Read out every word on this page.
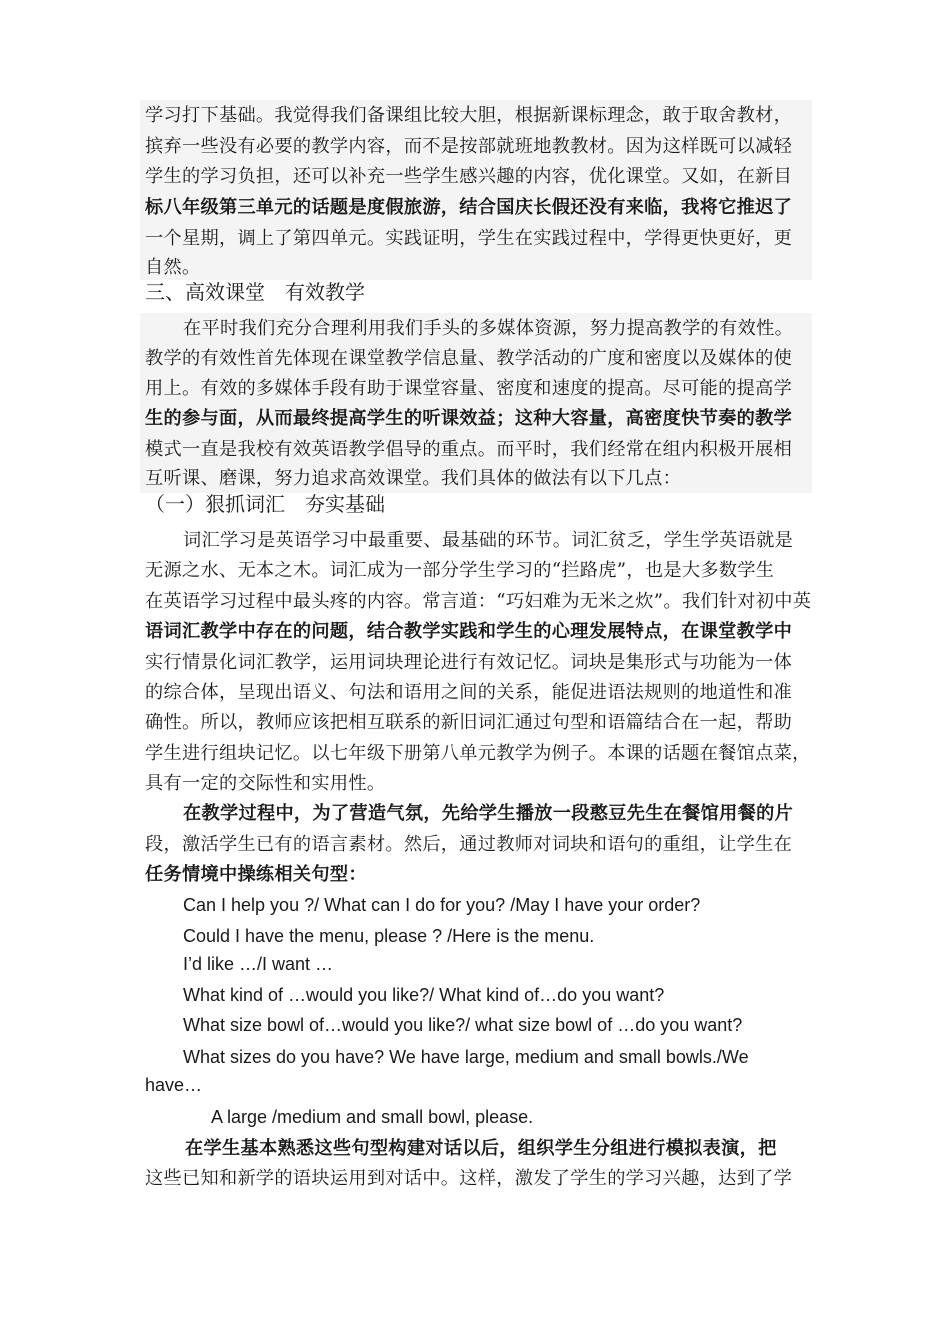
学习打下基础。我觉得我们备课组比较大胆，根据新课标理念，敢于取舍教材，

摈弃一些没有必要的教学内容，而不是按部就班地教教材。因为这样既可以减轻

学生的学习负担，还可以补充一些学生感兴趣的内容，优化课堂。又如，在新目

标八年级第三单元的话题是度假旅游，结合国庆长假还没有来临，我将它推迟了

一个星期，调上了第四单元。实践证明，学生在实践过程中，学得更快更好，更

自然。

三、高效课堂　有效教学

在平时我们充分合理利用我们手头的多媒体资源，努力提高教学的有效性。

教学的有效性首先体现在课堂教学信息量、教学活动的广度和密度以及媒体的使

用上。有效的多媒体手段有助于课堂容量、密度和速度的提高。尽可能的提高学

生的参与面，从而最终提高学生的听课效益；这种大容量，高密度快节奏的教学

模式一直是我校有效英语教学倡导的重点。而平时，我们经常在组内积极开展相

互听课、磨课，努力追求高效课堂。我们具体的做法有以下几点：

（一）狠抓词汇　夯实基础

词汇学习是英语学习中最重要、最基础的环节。词汇贫乏，学生学英语就是

无源之水、无本之木。词汇成为一部分学生学习的“拦路虎”，也是大多数学生

在英语学习过程中最头疼的内容。常言道：“巧妇难为无米之炊”。我们针对初中英

语词汇教学中存在的问题，结合教学实践和学生的心理发展特点，在课堂教学中

实行情景化词汇教学，运用词块理论进行有效记忆。词块是集形式与功能为一体

的综合体，呈现出语义、句法和语用之间的关系，能促进语法规则的地道性和准

确性。所以，教师应该把相互联系的新旧词汇通过句型和语篇结合在一起，帮助

学生进行组块记忆。以七年级下册第八单元教学为例子。本课的话题在餐馆点菜，

具有一定的交际性和实用性。

在教学过程中，为了营造气氛，先给学生播放一段憨豆先生在餐馆用餐的片

段，激活学生已有的语言素材。然后，通过教师对词块和语句的重组，让学生在

任务情境中操练相关句型：

Can I help you ?/ What can I do for you? /May I have your order?

Could I have the menu, please ? /Here is the menu.

I’d like …/I want …

What kind of …would you like?/ What kind of…do you want?

What size bowl of…would you like?/ what size bowl of …do you want?

What sizes do you have? We have large, medium and small bowls./We

have…

A large /medium and small bowl, please.

在学生基本熟悉这些句型构建对话以后，组织学生分组进行模拟表演，把

这些已知和新学的语块运用到对话中。这样，激发了学生的学习兴趣，达到了学
